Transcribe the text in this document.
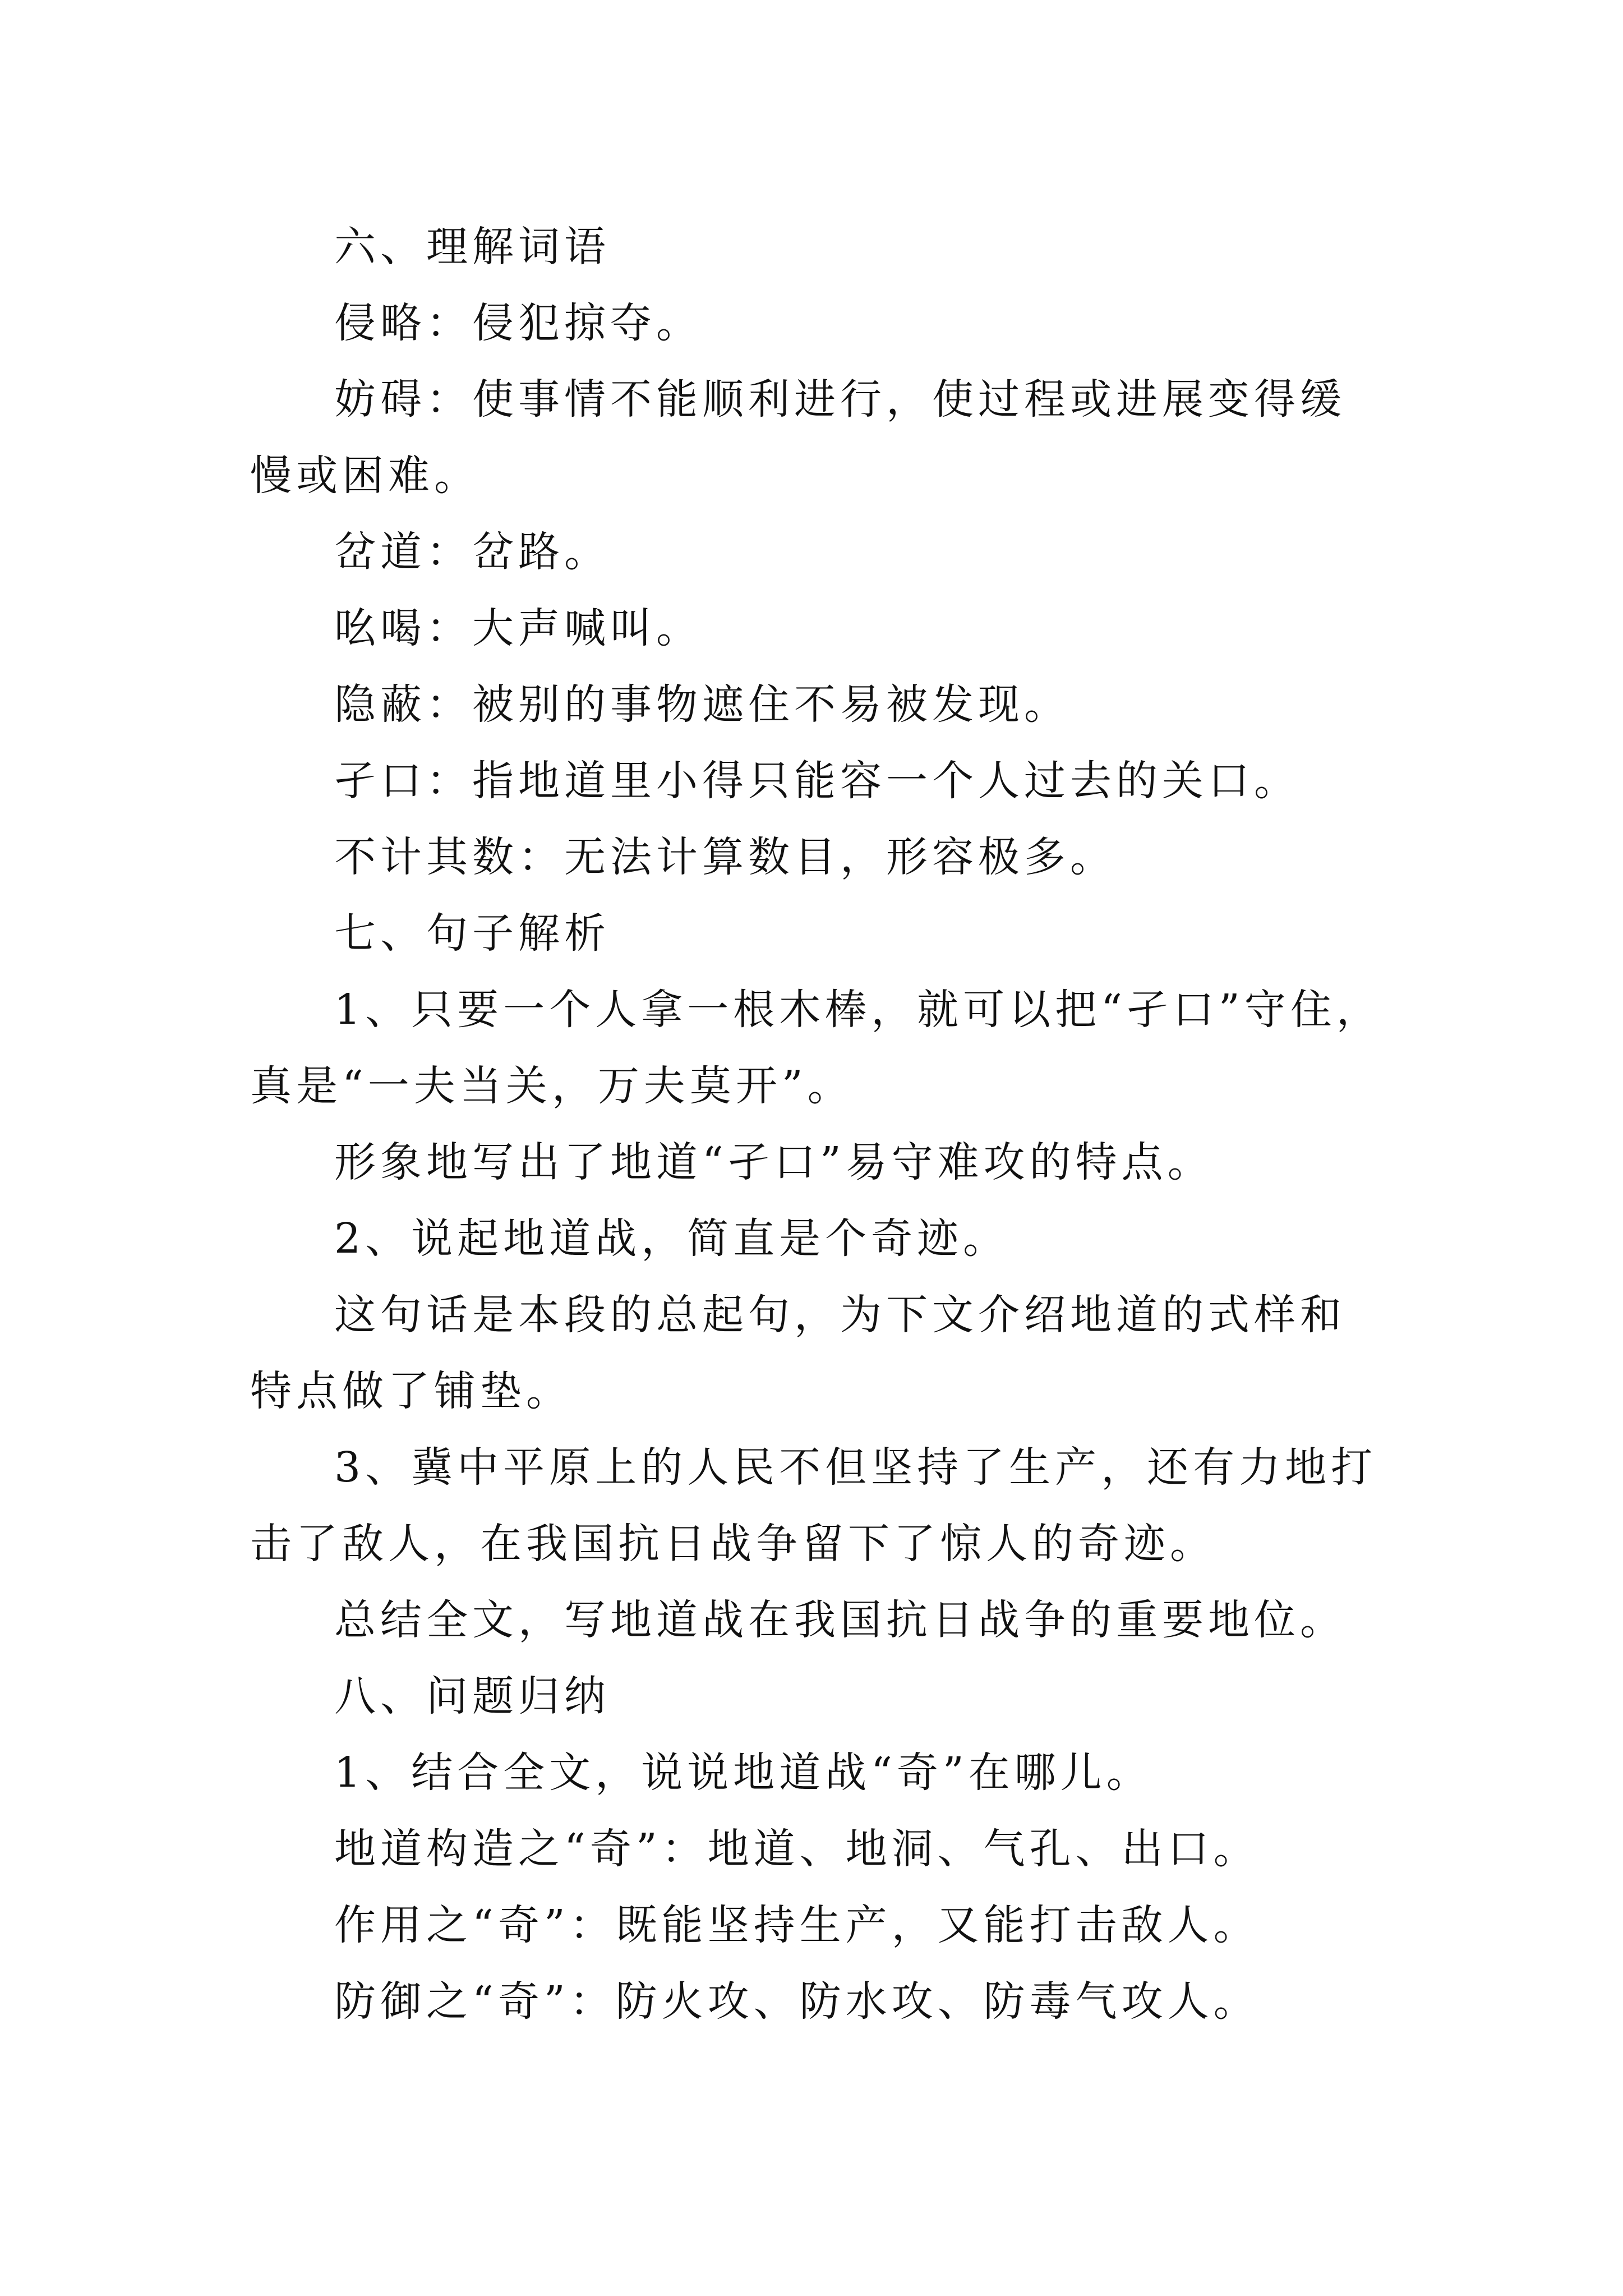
六、理解词语

侵略：侵犯掠夺。

妨碍：使事情不能顺利进行，使过程或进展变得缓慢或困难。

岔道：岔路。

吆喝：大声喊叫。

隐蔽：被别的事物遮住不易被发现。

孑口：指地道里小得只能容一个人过去的关口。

不计其数：无法计算数目，形容极多。

七、句子解析

1、只要一个人拿一根木棒，就可以把“孑口”守住，真是“一夫当关，万夫莫开”。

形象地写出了地道“孑口”易守难攻的特点。

2、说起地道战，简直是个奇迹。

这句话是本段的总起句，为下文介绍地道的式样和特点做了铺垫。

3、冀中平原上的人民不但坚持了生产，还有力地打击了敌人，在我国抗日战争留下了惊人的奇迹。

总结全文，写地道战在我国抗日战争的重要地位。

八、问题归纳

1、结合全文，说说地道战“奇”在哪儿。

地道构造之“奇”：地道、地洞、气孔、出口。

作用之“奇”：既能坚持生产，又能打击敌人。

防御之“奇”：防火攻、防水攻、防毒气攻人。
